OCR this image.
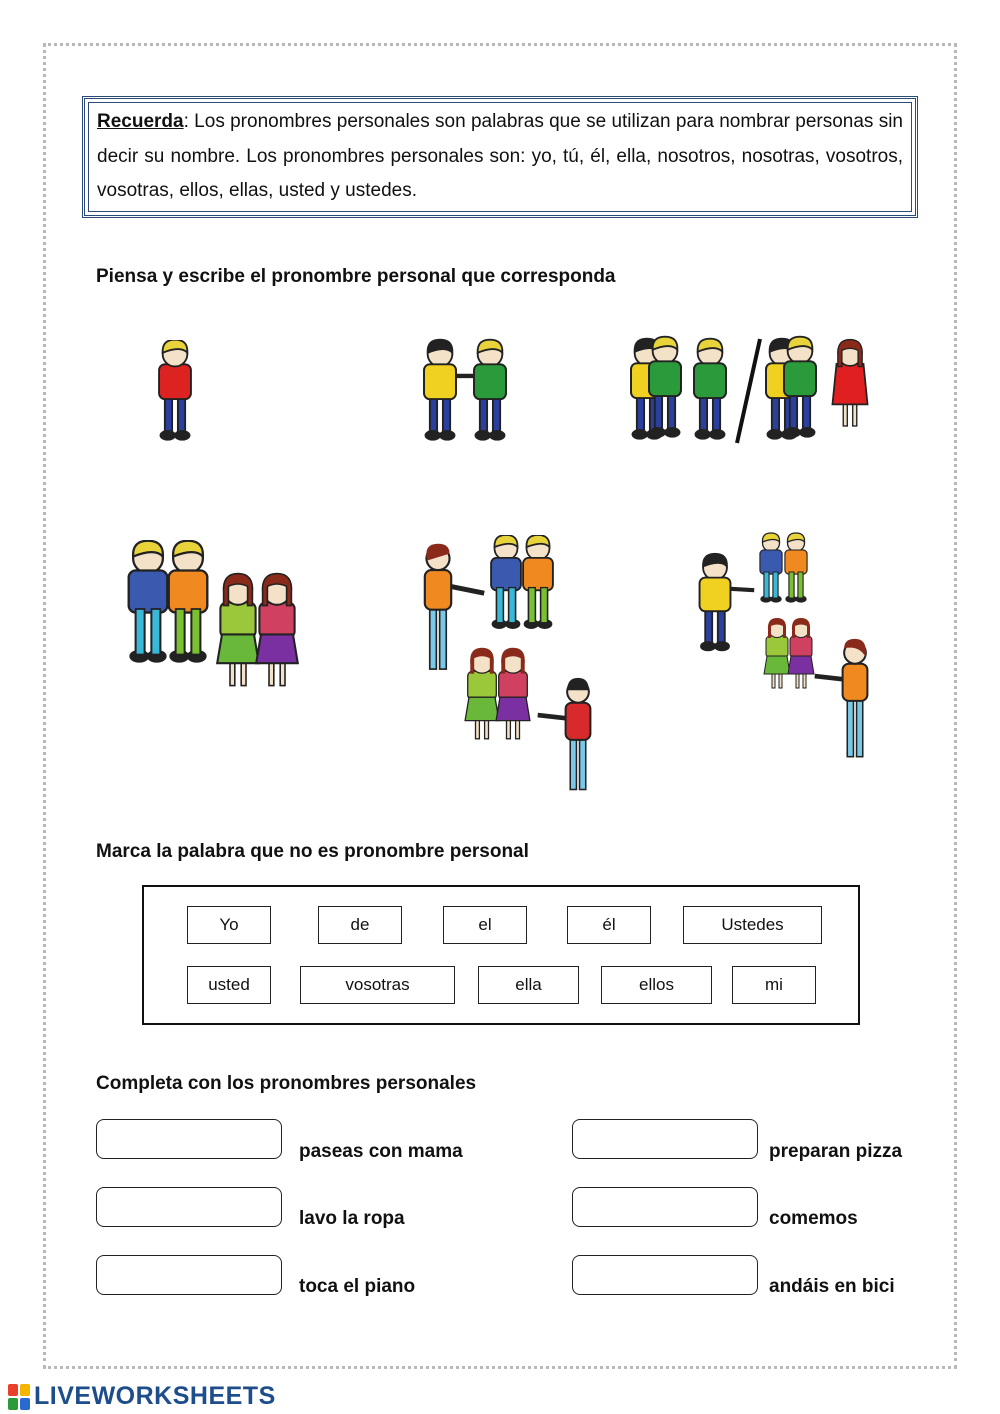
Recuerda: Los pronombres personales son palabras que se utilizan para nombrar personas sin decir su nombre. Los pronombres personales son: yo, tú, él, ella, nosotros, nosotras, vosotros, vosotras, ellos, ellas, usted y ustedes.

Piensa y escribe el pronombre personal que corresponda
Marca la palabra que no es pronombre personal
Yo	de	el	él	Ustedes
usted	vosotras	ella	ellos	mi
Completa con los pronombres personales
paseas con mama
lavo la ropa
toca el piano
preparan pizza
comemos
andáis en bici
LIVEWORKSHEETS
